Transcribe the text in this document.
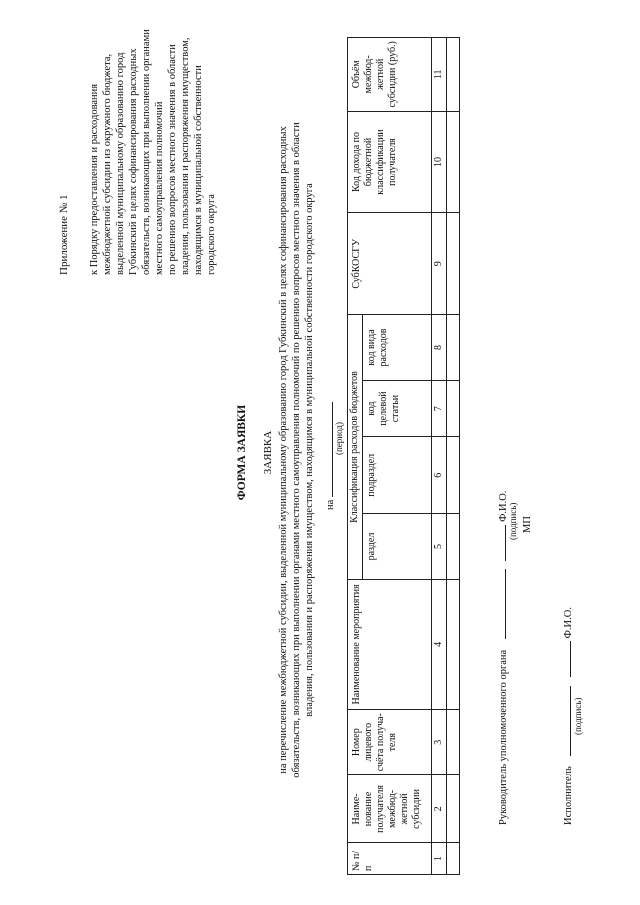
Приложение № 1 к Порядку предоставления и расходования межбюджетной субсидии из окружного бюджета, выделенной муниципальному образованию город Губкинский в целях софинансирования расходных обязательств, возникающих при выполнении органами местного самоуправления полномочий по решению вопросов местного значения в области владения, пользования и распоряжения имуществом, находящимся в муниципальной собственности городского округа
ФОРМА ЗАЯВКИ ЗАЯВКА на перечисление межбюджетной субсидии, выделенной муниципальному образованию город Губкинский в целях софинансирования расходных обязательств, возникающих при выполнении органами местного самоуправления полномочий по решению вопросов местного значения в области владения, пользования и распоряжения имуществом, находящимся в муниципальной собственности городского округа на
(период)
№ п/п	Наиме-нование получателя межбюд-жетной субсидии	Номер лицевого счёта получа-теля	Наименование мероприятия	Классификация расходов бюджетов				СубКОСГУ	Код дохода по бюджетной классификации получателя	Объём межбюд-жетной субсидии (руб.)
				раздел	подраздел	код целевой статьи	код вида расходов			
1	2	3	4	5	6	7	8	9	10	11

Руководитель уполномоченного органа   Ф.И.О. (подпись) МП
Исполнитель   Ф.И.О.
(подпись)
